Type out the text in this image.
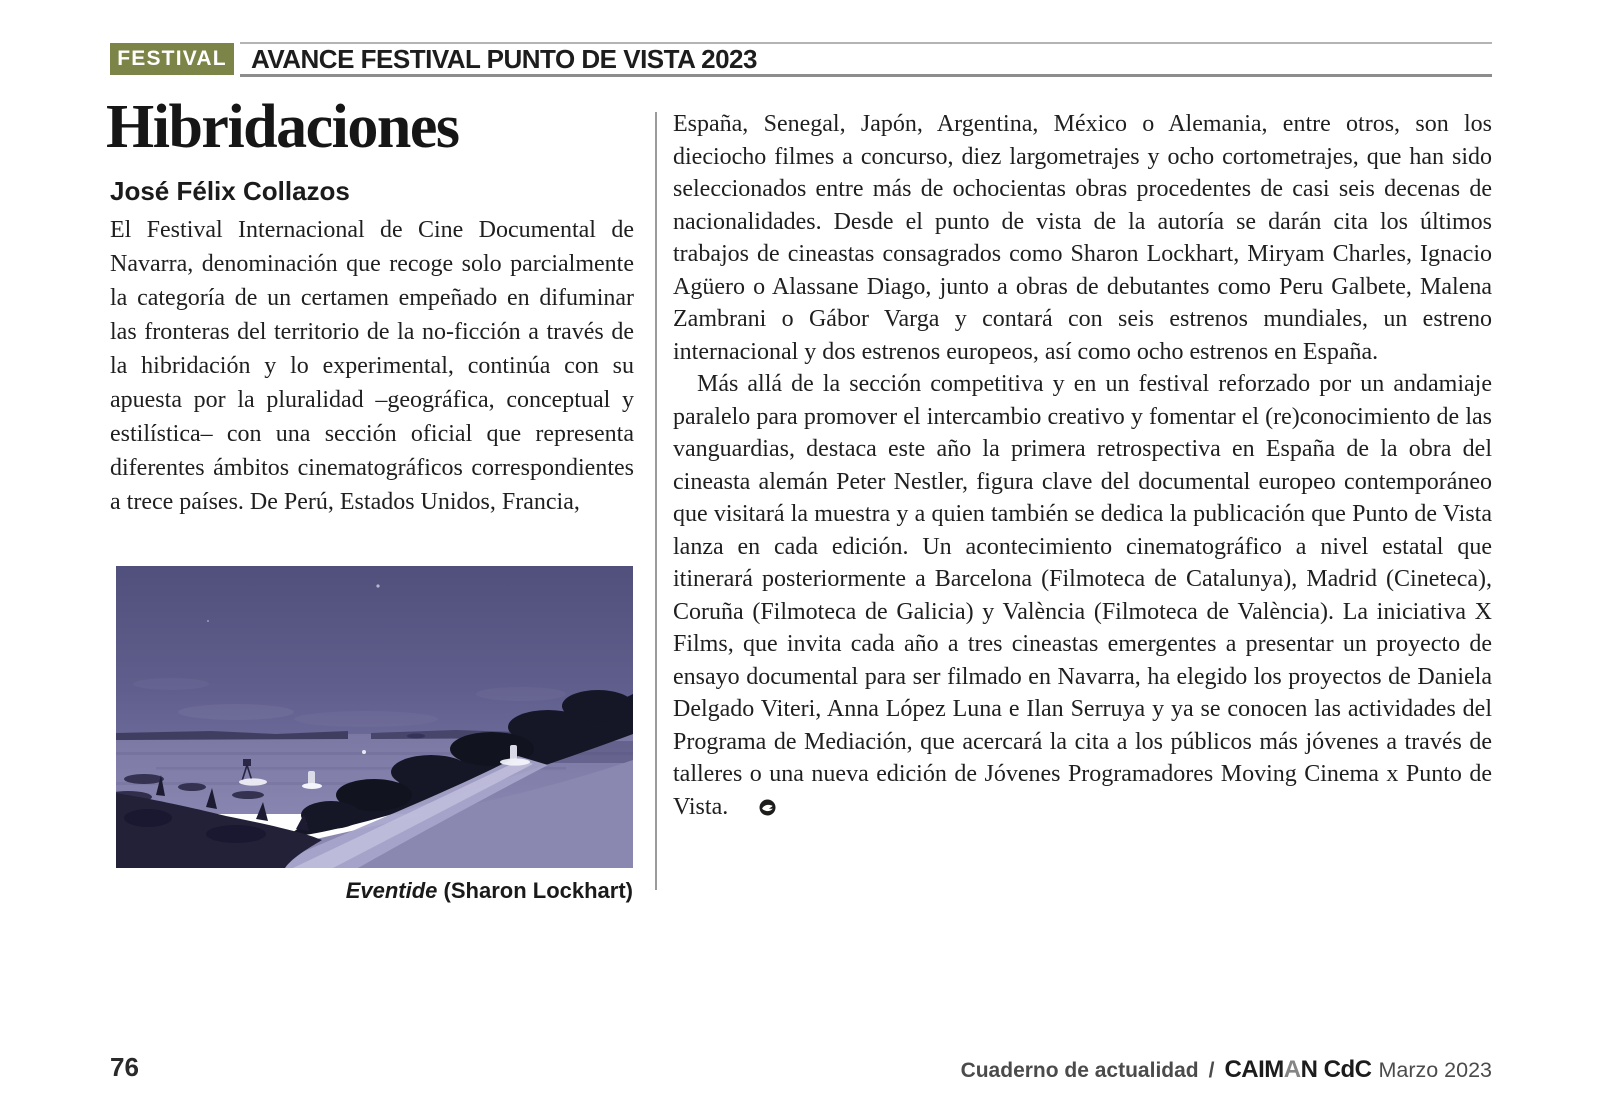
FESTIVAL AVANCE FESTIVAL PUNTO DE VISTA 2023
Hibridaciones
José Félix Collazos
El Festival Internacional de Cine Documental de Navarra, denominación que recoge solo parcialmente la categoría de un certamen empeñado en difuminar las fronteras del territorio de la no-ficción a través de la hibridación y lo experimental, continúa con su apuesta por la pluralidad –geográfica, conceptual y estilística– con una sección oficial que representa diferentes ámbitos cinematográficos correspondientes a trece países. De Perú, Estados Unidos, Francia,

España, Senegal, Japón, Argentina, México o Alemania, entre otros, son los dieciocho filmes a concurso, diez largometrajes y ocho cortometrajes, que han sido seleccionados entre más de ochocientas obras procedentes de casi seis decenas de nacionalidades. Desde el punto de vista de la autoría se darán cita los últimos trabajos de cineastas consagrados como Sharon Lockhart, Miryam Charles, Ignacio Agüero o Alassane Diago, junto a obras de debutantes como Peru Galbete, Malena Zambrani o Gábor Varga y contará con seis estrenos mundiales, un estreno internacional y dos estrenos europeos, así como ocho estrenos en España.

Más allá de la sección competitiva y en un festival reforzado por un andamiaje paralelo para promover el intercambio creativo y fomentar el (re)conocimiento de las vanguardias, destaca este año la primera retrospectiva en España de la obra del cineasta alemán Peter Nestler, figura clave del documental europeo contemporáneo que visitará la muestra y a quien también se dedica la publicación que Punto de Vista lanza en cada edición. Un acontecimiento cinematográfico a nivel estatal que itinerará posteriormente a Barcelona (Filmoteca de Catalunya), Madrid (Cineteca), Coruña (Filmoteca de Galicia) y València (Filmoteca de València). La iniciativa X Films, que invita cada año a tres cineastas emergentes a presentar un proyecto de ensayo documental para ser filmado en Navarra, ha elegido los proyectos de Daniela Delgado Viteri, Anna López Luna e Ilan Serruya y ya se conocen las actividades del Programa de Mediación, que acercará la cita a los públicos más jóvenes a través de talleres o una nueva edición de Jóvenes Programadores Moving Cinema x Punto de Vista.

Eventide (Sharon Lockhart)
76	Cuaderno de actualidad / CAIM A N CdC Marzo 2023
